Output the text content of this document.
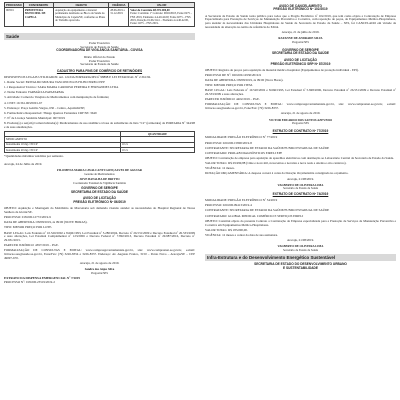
PROCESSO	CONVENENTE	OBJETO	VIGÊNCIA	VALOR
00/001	PREFEITURA MUNICIPAL DE CAPELA	Aquisição de equipamento e material permanente destinado ao Bloco da Saúde do Município de Capela/SE, conforme ao Plano de Trabalho aprovado.	28.06.2019 a 31.12.2019	Valor de Convênio R$ 872.000,00
Fonte: Convênio 1º Controle: 0020/2018, Fonte 0275 – FNS 2019, Elemento 4.4.40.42.00; Fonte 0275 – FNS 2019, Dotação 01.06.3141 – Elemento 4.4.40.42.00, Fonte: 0275 – FNS 2019.
Saúde
Poder Executivo
Secretaria de Estado da Saúde
COORDENADORIA DE VIGILÂNCIA SANITÁRIA - COVISA
Diário Oficial do Estado
Poder Executivo
Secretaria de Estado da Saúde
CADASTRO PARA FINS DE COMÉRCIO DE RETINÓIDES
DISPOSITIVOS LEGAIS UTILIZADOS: Art. 124 DA PORTARIA MS/nº 98898 E LEI ESTADUAL Nº 2.361/92.
1. Razão Social: ERIVALDO MOURA VASCONCELOS FILHO EIRELI EPP
1.1 Responsável Técnico: SARA MARIA CARDOSO PEREIRA E FERNANDES LTDA
2. Nome Fantasia: FARMÁCIA PAPAFARMA
3. Atividade: Comercio Varejista de Medicamentos com manipulação de fórmulas;
4. CNPJ: 19.361.063/0001-67
5. Endereço: Praça Getúlio Vargas, 630 – Centro, Aquidabã/SE;
6. Farmacêutico Responsável: Thiago Queiroz Fernandes CRF/SE: 3649
7. Nº de Licença Sanitária Municipal: 067/2019
8. Produto(s) a ser(em) Comercializado(s): Medicamentos de uso sistêmico à base de substâncias da lista "C2" (retinoides) da PORTARIA Nº 344/98 e de suas atualizações.
	QUANTIDADE
MEDICAMENTO	
Isotretinoína 10 mg c/30 CP	10 cx
Isotretinoína 20 mg c/30 CP	10 cx
*Quantidades máximas vendidas por semestre.
Aracaju, 24 de Julho de 2019.
FILOMENA MARIA CAVALCANTI GONÇALVES DE AGUIAR
Gerente de Medicamentos
JOVE BATALHA DE BRITTO
Coordenador Estadual de Vigilância Sanitária
GOVERNO DE SERGIPE
SECRETARIA DE ESTADO DA SAÚDE
AVISO DE LICITAÇÃO
PREGÃO ELETRÔNICO Nº 86/2019
OBJETO: Aquisição e Montagem do Mobiliário de Marcenaria sob demanda visando atender as necessidades do Hospital Regional de Nossa Senhora da Glória/SE.
PROCESSO: 018.000.12772/2019-9
DATA DE ABERTURA: 08/08/2019, às 09:00 (NOVE HORAS).
TIPO: MENOR PREÇO POR LOTE.
BASE LEGAL: Leis Federais nº 10.520/2002 e 8.666/1993, Lei Estadual nº 5.280/2004, Decreto nº 26.531/2009 e Decreto Estadual nº 26.533/2009 e suas alterações, Lei Estadual Complementar nº 123/2006 e Decreto Federal nº 7.892/2013, Decreto Estadual nº 29.987/2016, Decreto nº 29.931/2015.
PARECER JURÍDICO: 4397/2019 – PGE.
FORMALIZAÇÃO DE CONSULTAS E EDITAL: www.comprasgovernamentais.gov.br, site: www.comprasnet.se.gov.br, e-mail: licitacao.ses@saude.se.gov.br, Fone/Fax: (79) 3226-8354 e 3226-8337. Endereço: Av. Augusto Franco, 3150 – Ponto Novo – Aracaju/SE – CEP 49097-670.
Aracaju, 21 de agosto de 2019.
Sandra dos Anjos Silva
Pregoeira/SES
EXTRATO DA DISPENSA EMERGENCIAL Nº 7/2019
PROCESSO Nº: 018.000.23519/2019-2
AVISO DE CANCELAMENTO
PREGÃO ELETRÔNICO Nº 102/2019
A Secretaria de Estado da Saúde torna público para todos que o Pregão Eletrônico nº 102/2019, que tem como objeto a Contratação de Empresa Especializada para Prestação de Serviços de Manutenção Preventiva e Corretiva, com reposição de peças, de Equipamentos Médico-Hospitalares, para atender às necessidades das Unidades Hospitalares de Saúde da Secretaria de Estado da Saúde – SES, foi CANCELADO em virtude da necessidade de alteração no termo de referência do Edital.
Aracaju, 21 de julho de 2019.
RAYANNE DE ANDRADE SILVA
Pregoeira/SES
GOVERNO DE SERGIPE
SECRETARIA DE ESTADO DA SAÚDE
AVISO DE LICITAÇÃO
PREGÃO ELETRÔNICO SRP Nº 87/2019
OBJETO: Registro de preços para aquisição de material médico hospitalar (Equipamentos de proteção individual - EPI).
PROCESSO DE Nº: 020.000.12930/2019-9
DATA DE ABERTURA: 08/08/2019, às 09:00 (Nove Horas).
TIPO: MENOR PREÇO POR ITEM.
BASE LEGAL: Leis Federais nº 10.520/2002 e 8.666/1993, Lei Estadual nº 5.848/2006, Decreto Estadual nº 26.531/2009 e Decreto Estadual nº 26.533/2009 e suas alterações.
PARECER JURÍDICO: 4402/2019 – PGE.
FORMALIZAÇÃO DE CONSULTAS E EDITAL: www.comprasgovernamentais.gov.br, site: www.comprasnet.se.gov.br, e-mail: licitacao.ses@saude.se.gov.br, Fone/Fax: (79) 3226-8337.
Aracaju, 21 de agosto de 2019.
VICTOR EDUARDO DOS SANTOS AZEVEDO
Pregoeiro/SES
EXTRATO DE CONTRATO Nº 77/2019
MODALIDADE: PREGÃO ELETRÔNICO Nº 77/2019
PROCESSO: 020.000.15800/2019-8
CONTRATANTE: SECRETARIA DE ESTADO DA SAÚDE/FUNDO ESTADUAL DE SAÚDE
CONTRATADO: PROLAB DIAGNÓSTICOS EIRELI EPP
OBJETO: Contratação de empresa para aquisição de aparelhos eletrônicos com destinação ao Laboratório Central da Secretaria de Estado da Saúde.
VALOR TOTAL: R$ 29.999,88 (vinte e nove mil, novecentos e noventa e nove reais e oitenta e oito centavos).
VIGÊNCIA: 12 meses.
DOTAÇÃO ORÇAMENTÁRIA: A despesa correrá à conta da Dotação Orçamentária consignada no orçamento.
Aracaju, 21/08/2019.
VALBERTO DE OLIVEIRA LIMA
Secretário de Estado da Saúde
EXTRATO DE CONTRATO Nº 74/2019
MODALIDADE: PREGÃO ELETRÔNICO Nº 54/2019
PROCESSO: 020.000.09413/2019-4
CONTRATANTE: SECRETARIA DE ESTADO DA SAÚDE/FUNDO ESTADUAL DE SAÚDE
CONTRATADO: GLOBAL MEDICAL COMÉRCIO E SERVIÇOS EIRELI
OBJETO: Constitui objeto do presente Contrato a Contratação de Empresa especializada para a Prestação de Serviços de Manutenção Preventiva e Corretiva em Equipamentos Médico-Hospitalares.
VALOR TOTAL: R$ 183.000,00.
VIGÊNCIA: 12 meses a contar da data de sua assinatura.
Aracaju, 21/08/2019.
VALBERTO DE OLIVEIRA LIMA
Secretário de Estado da Saúde
Infra-Estrutura e do Desenvolvimento Energético Sustentável
SECRETARIA DE ESTADO DO DESENVOLVIMENTO URBANO
E SUSTENTABILIDADE
